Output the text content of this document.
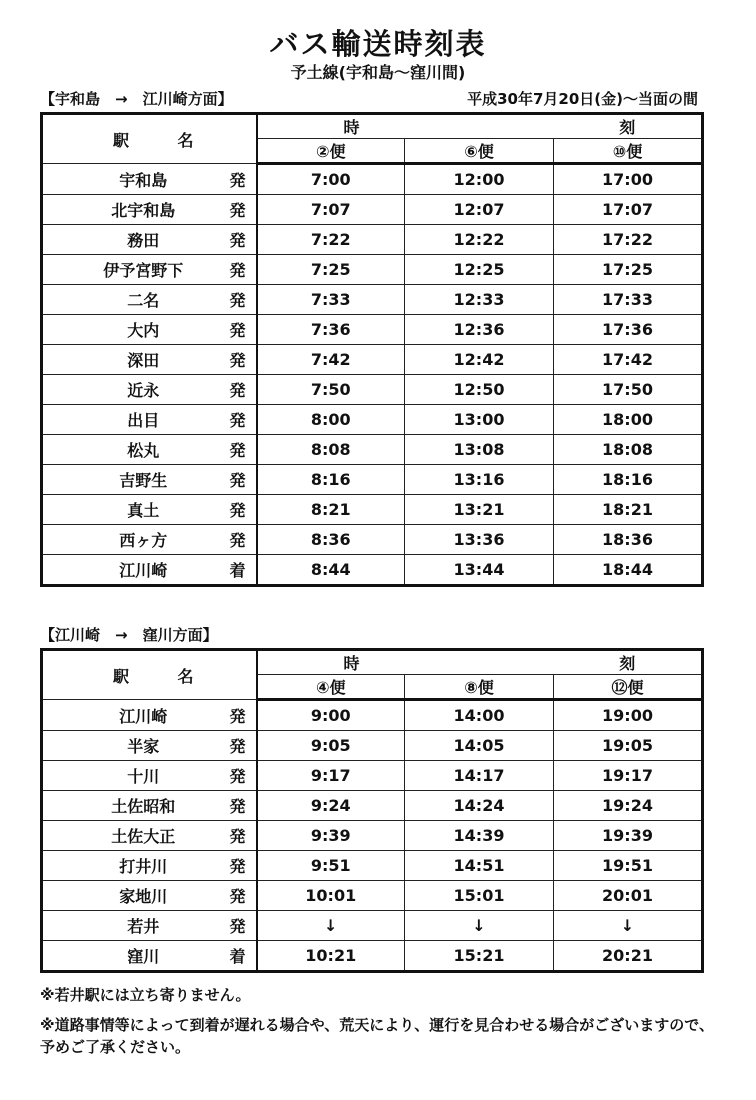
バス輸送時刻表
予土線(宇和島～窪川間)
【宇和島　→　江川崎方面】	平成30年7月20日(金)～当面の間
駅 名	時		刻
	②便	⑥便	⑩便

宇和島 発	7:00	12:00	17:00

北宇和島 発	7:07	12:07	17:07

務田 発	7:22	12:22	17:22

伊予宮野下 発	7:25	12:25	17:25

二名 発	7:33	12:33	17:33

大内 発	7:36	12:36	17:36

深田 発	7:42	12:42	17:42

近永 発	7:50	12:50	17:50

出目 発	8:00	13:00	18:00

松丸 発	8:08	13:08	18:08

吉野生 発	8:16	13:16	18:16

真土 発	8:21	13:21	18:21

西ヶ方 発	8:36	13:36	18:36

江川崎 着	8:44	13:44	18:44
【江川崎　→　窪川方面】
駅 名	時		刻
	④便	⑧便	⑫便

江川崎 発	9:00	14:00	19:00

半家 発	9:05	14:05	19:05

十川 発	9:17	14:17	19:17

土佐昭和 発	9:24	14:24	19:24

土佐大正 発	9:39	14:39	19:39

打井川 発	9:51	14:51	19:51

家地川 発	10:01	15:01	20:01

若井 発	↓	↓	↓

窪川 着	10:21	15:21	20:21
※若井駅には立ち寄りません。
※道路事情等によって到着が遅れる場合や、荒天により、運行を見合わせる場合がございますので、予めご了承ください。
